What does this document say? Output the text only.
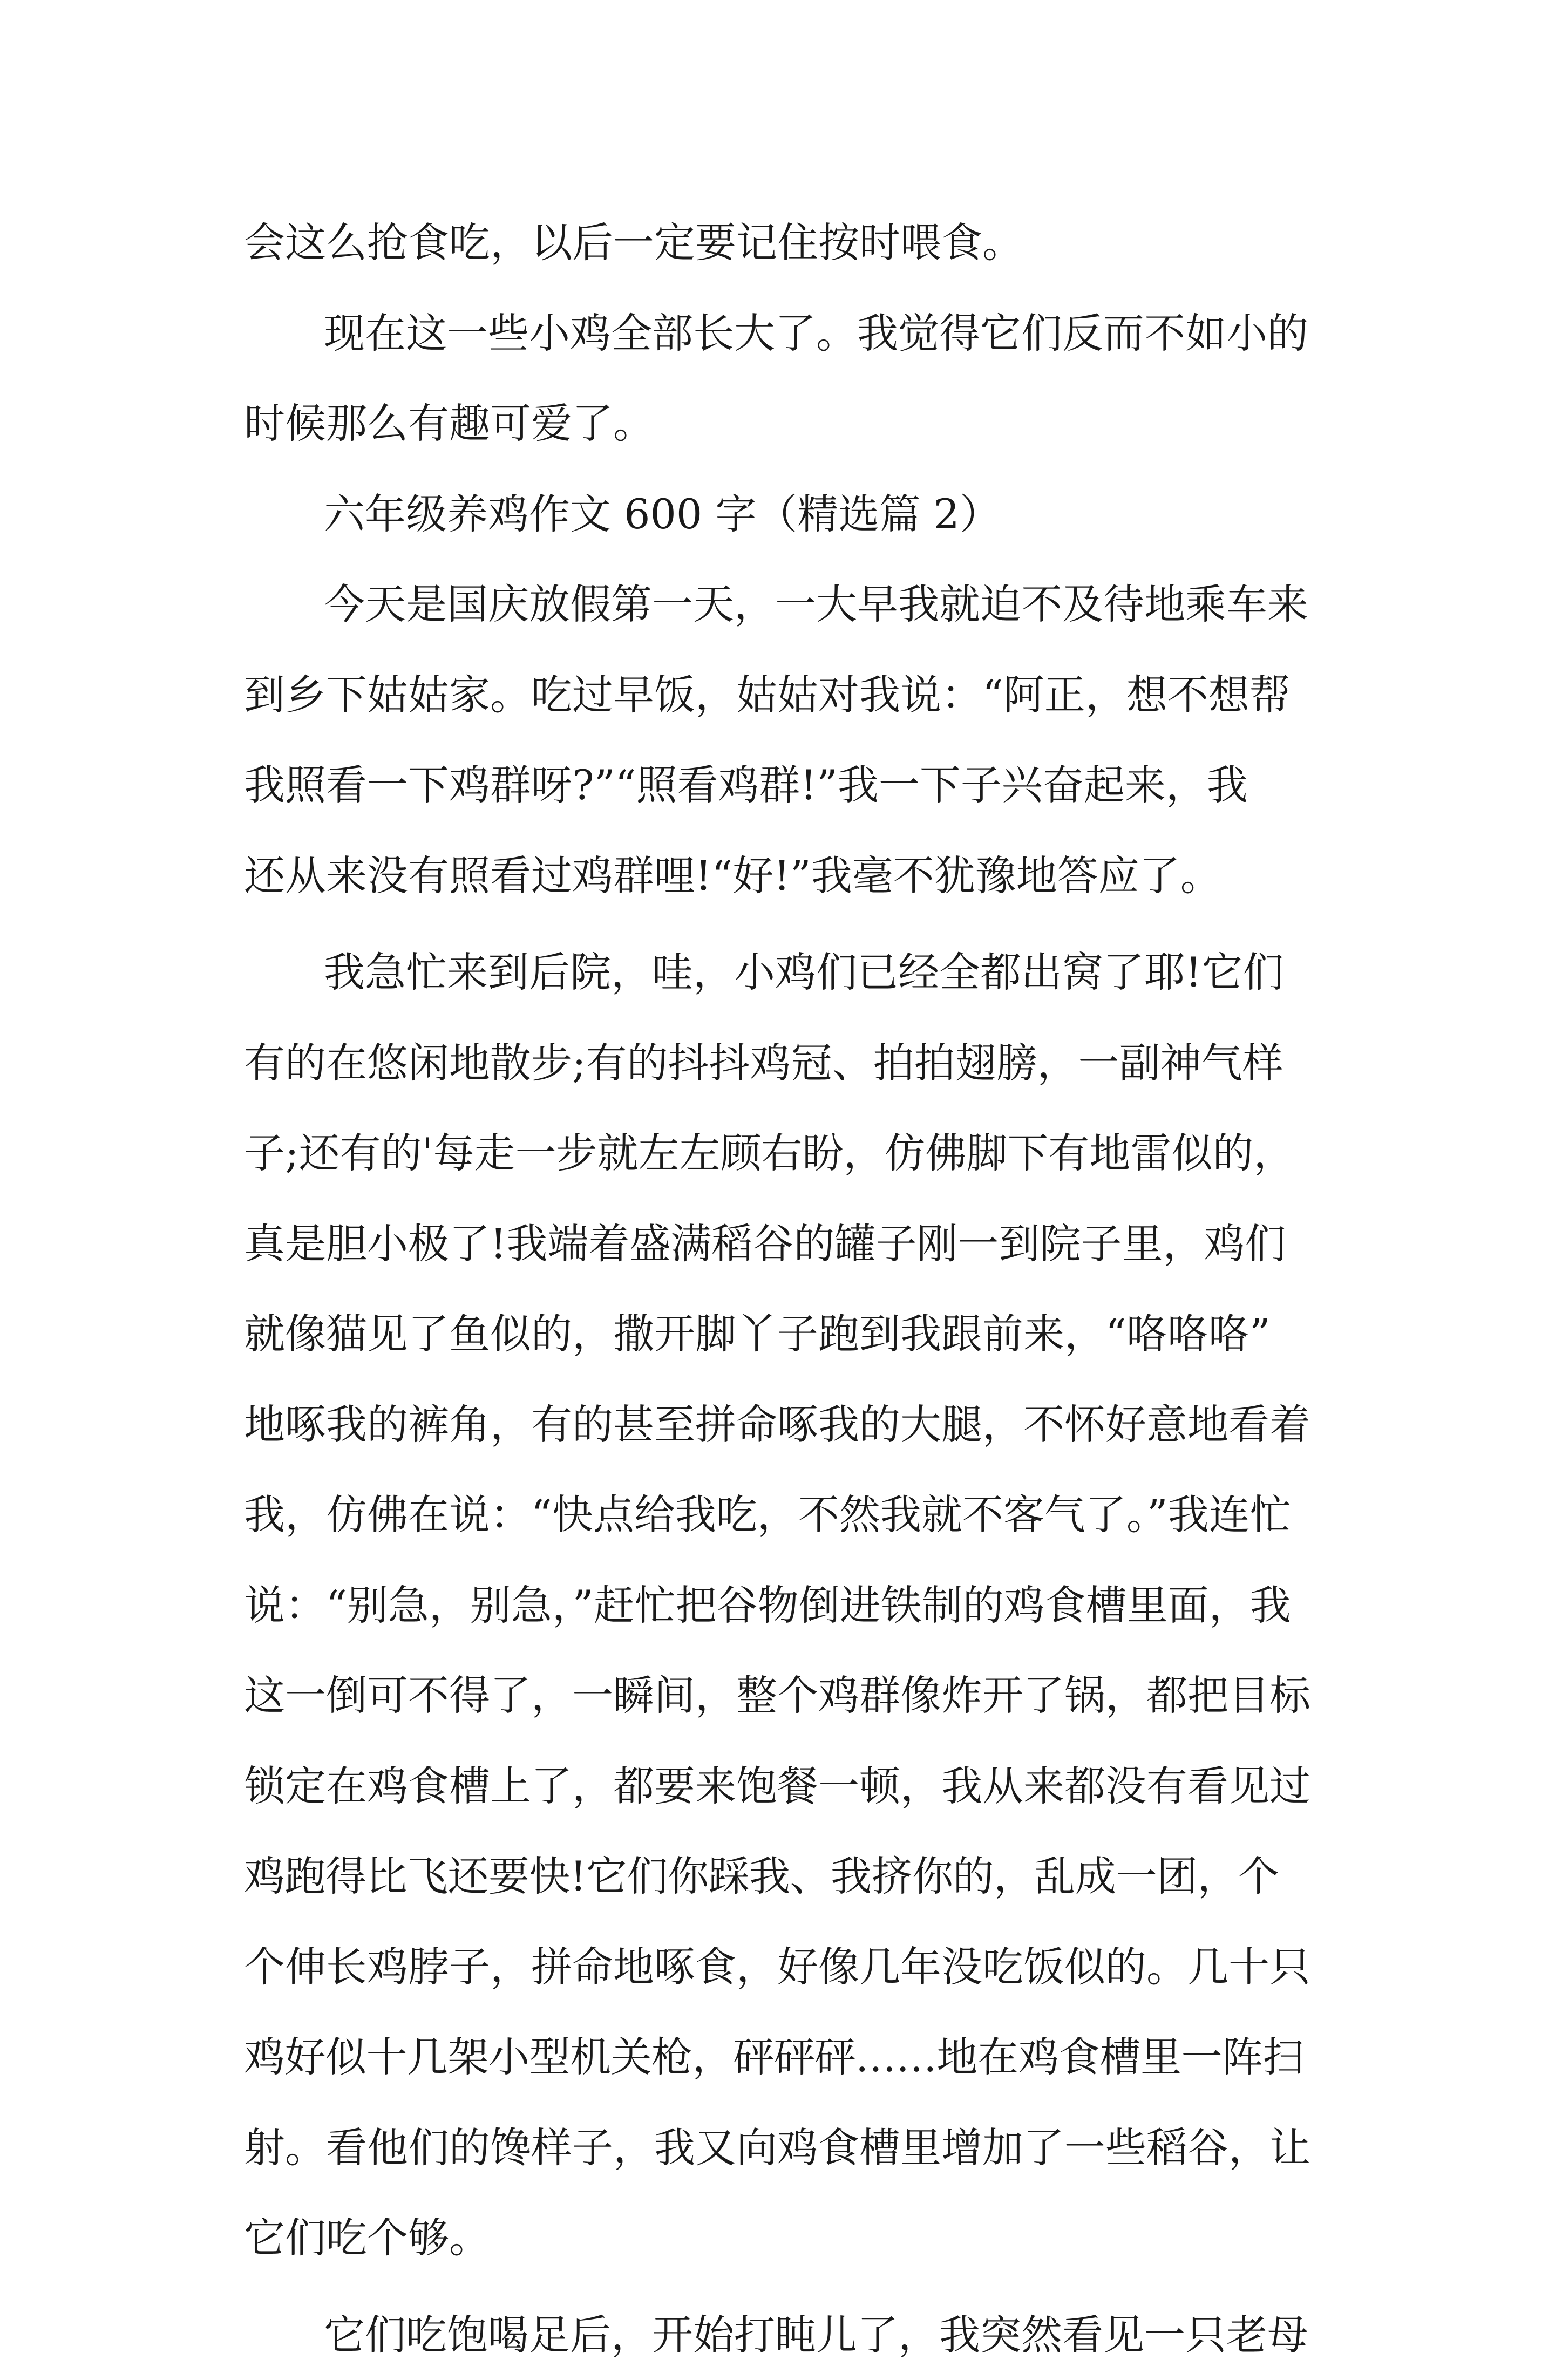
会这么抢食吃，以后一定要记住按时喂食。
现在这一些小鸡全部长大了。我觉得它们反而不如小的
时候那么有趣可爱了。
六年级养鸡作文 600 字（精选篇 2）
今天是国庆放假第一天，一大早我就迫不及待地乘车来
到乡下姑姑家。吃过早饭，姑姑对我说：“阿正，想不想帮
我照看一下鸡群呀?”“照看鸡群!”我一下子兴奋起来，我
还从来没有照看过鸡群哩!“好!”我毫不犹豫地答应了。
我急忙来到后院，哇，小鸡们已经全都出窝了耶!它们
有的在悠闲地散步;有的抖抖鸡冠、拍拍翅膀，一副神气样
子;还有的'每走一步就左左顾右盼，仿佛脚下有地雷似的，
真是胆小极了!我端着盛满稻谷的罐子刚一到院子里，鸡们
就像猫见了鱼似的，撒开脚丫子跑到我跟前来，“咯咯咯”
地啄我的裤角，有的甚至拼命啄我的大腿，不怀好意地看着
我，仿佛在说：“快点给我吃，不然我就不客气了。”我连忙
说：“别急，别急，”赶忙把谷物倒进铁制的鸡食槽里面，我
这一倒可不得了，一瞬间，整个鸡群像炸开了锅，都把目标
锁定在鸡食槽上了，都要来饱餐一顿，我从来都没有看见过
鸡跑得比飞还要快!它们你踩我、我挤你的，乱成一团，个
个伸长鸡脖子，拼命地啄食，好像几年没吃饭似的。几十只
鸡好似十几架小型机关枪，砰砰砰……地在鸡食槽里一阵扫
射。看他们的馋样子，我又向鸡食槽里增加了一些稻谷，让
它们吃个够。
它们吃饱喝足后，开始打盹儿了，我突然看见一只老母
